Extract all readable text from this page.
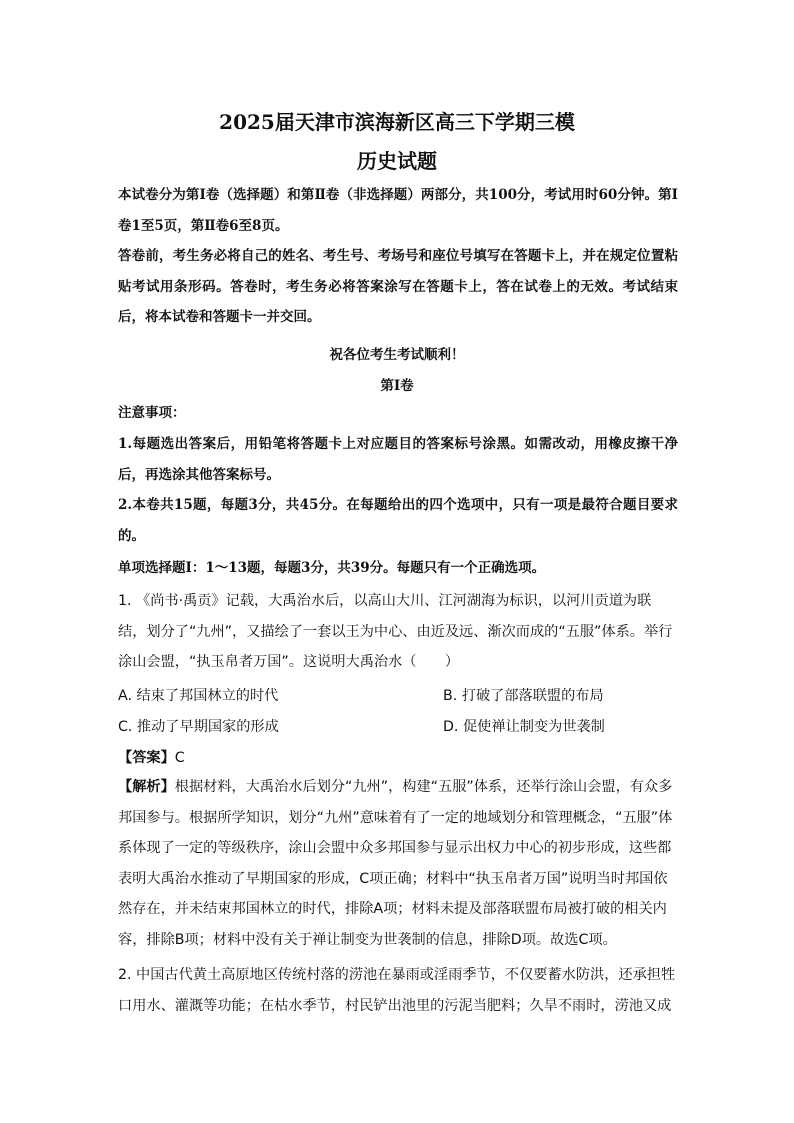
2025届天津市滨海新区高三下学期三模
历史试题

本试卷分为第Ⅰ卷（选择题）和第Ⅱ卷（非选择题）两部分，共100分，考试用时60分钟。第Ⅰ卷1至5页，第Ⅱ卷6至8页。

答卷前，考生务必将自己的姓名、考生号、考场号和座位号填写在答题卡上，并在规定位置粘贴考试用条形码。答卷时，考生务必将答案涂写在答题卡上，答在试卷上的无效。考试结束后，将本试卷和答题卡一并交回。

祝各位考生考试顺利！
第Ⅰ卷

注意事项：

1.每题选出答案后，用铅笔将答题卡上对应题目的答案标号涂黑。如需改动，用橡皮擦干净后，再选涂其他答案标号。

2.本卷共15题，每题3分，共45分。在每题给出的四个选项中，只有一项是最符合题目要求的。

单项选择题Ⅰ：1～13题，每题3分，共39分。每题只有一个正确选项。

1. 《尚书·禹贡》记载，大禹治水后，以高山大川、江河湖海为标识，以河川贡道为联结，划分了“九州”，又描绘了一套以王为中心、由近及远、渐次而成的“五服”体系。举行涂山会盟，“执玉帛者万国”。这说明大禹治水（　　）

A. 结束了邦国林立的时代	B. 打破了部落联盟的布局
C. 推动了早期国家的形成	D. 促使禅让制变为世袭制
【答案】C

【解析】根据材料，大禹治水后划分“九州”，构建“五服”体系，还举行涂山会盟，有众多邦国参与。根据所学知识，划分“九州”意味着有了一定的地域划分和管理概念，“五服”体系体现了一定的等级秩序，涂山会盟中众多邦国参与显示出权力中心的初步形成，这些都表明大禹治水推动了早期国家的形成，C项正确；材料中“执玉帛者万国”说明当时邦国依然存在，并未结束邦国林立的时代，排除A项；材料未提及部落联盟布局被打破的相关内容，排除B项；材料中没有关于禅让制变为世袭制的信息，排除D项。故选C项。

2. 中国古代黄土高原地区传统村落的涝池在暴雨或淫雨季节，不仅要蓄水防洪，还承担牲口用水、灌溉等功能；在枯水季节，村民铲出池里的污泥当肥料；久旱不雨时，涝池又成
